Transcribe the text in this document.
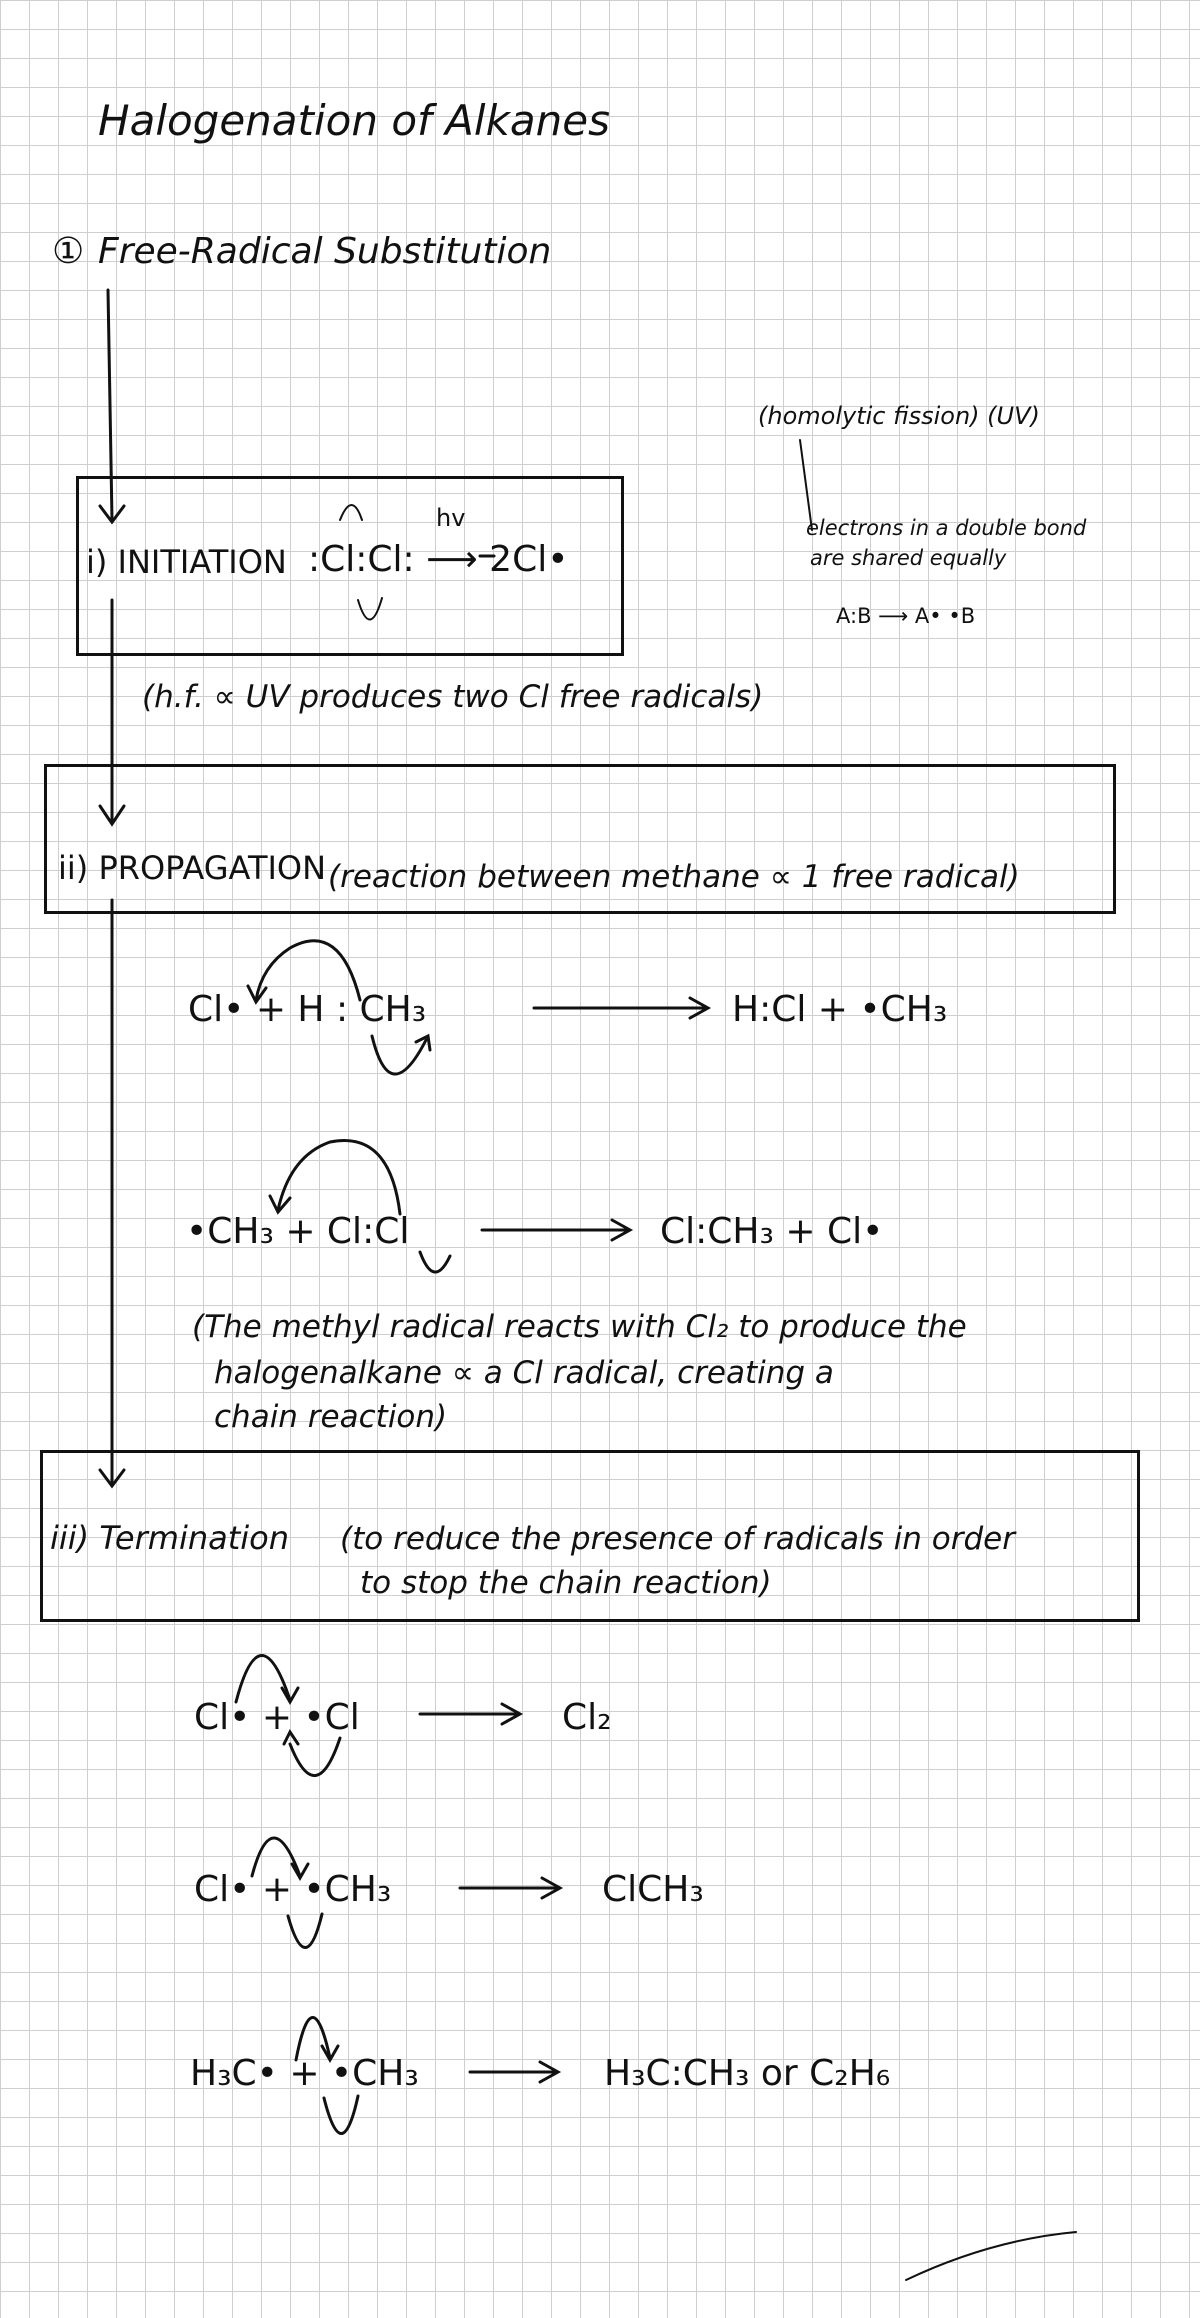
Halogenation of Alkanes
① Free-Radical Substitution
(homolytic fission) (UV)
electrons in a double bond
are shared equally
A:B ⟶ A• •B
i) INITIATION
hv
:Cl:Cl: ⟶ 2Cl•
(h.f. ∝ UV produces two Cl free radicals)
ii) PROPAGATION (reaction between methane ∝ 1 free radical)
Cl• + H : CH₃	H:Cl + •CH₃
•CH₃ + Cl:Cl	Cl:CH₃ + Cl•
(The methyl radical reacts with Cl₂ to produce the
halogenalkane ∝ a Cl radical, creating a
chain reaction)
iii) Termination (to reduce the presence of radicals in order
to stop the chain reaction)
Cl• + •Cl	Cl₂
Cl• + •CH₃	ClCH₃
H₃C• + •CH₃	H₃C:CH₃ or C₂H₆
